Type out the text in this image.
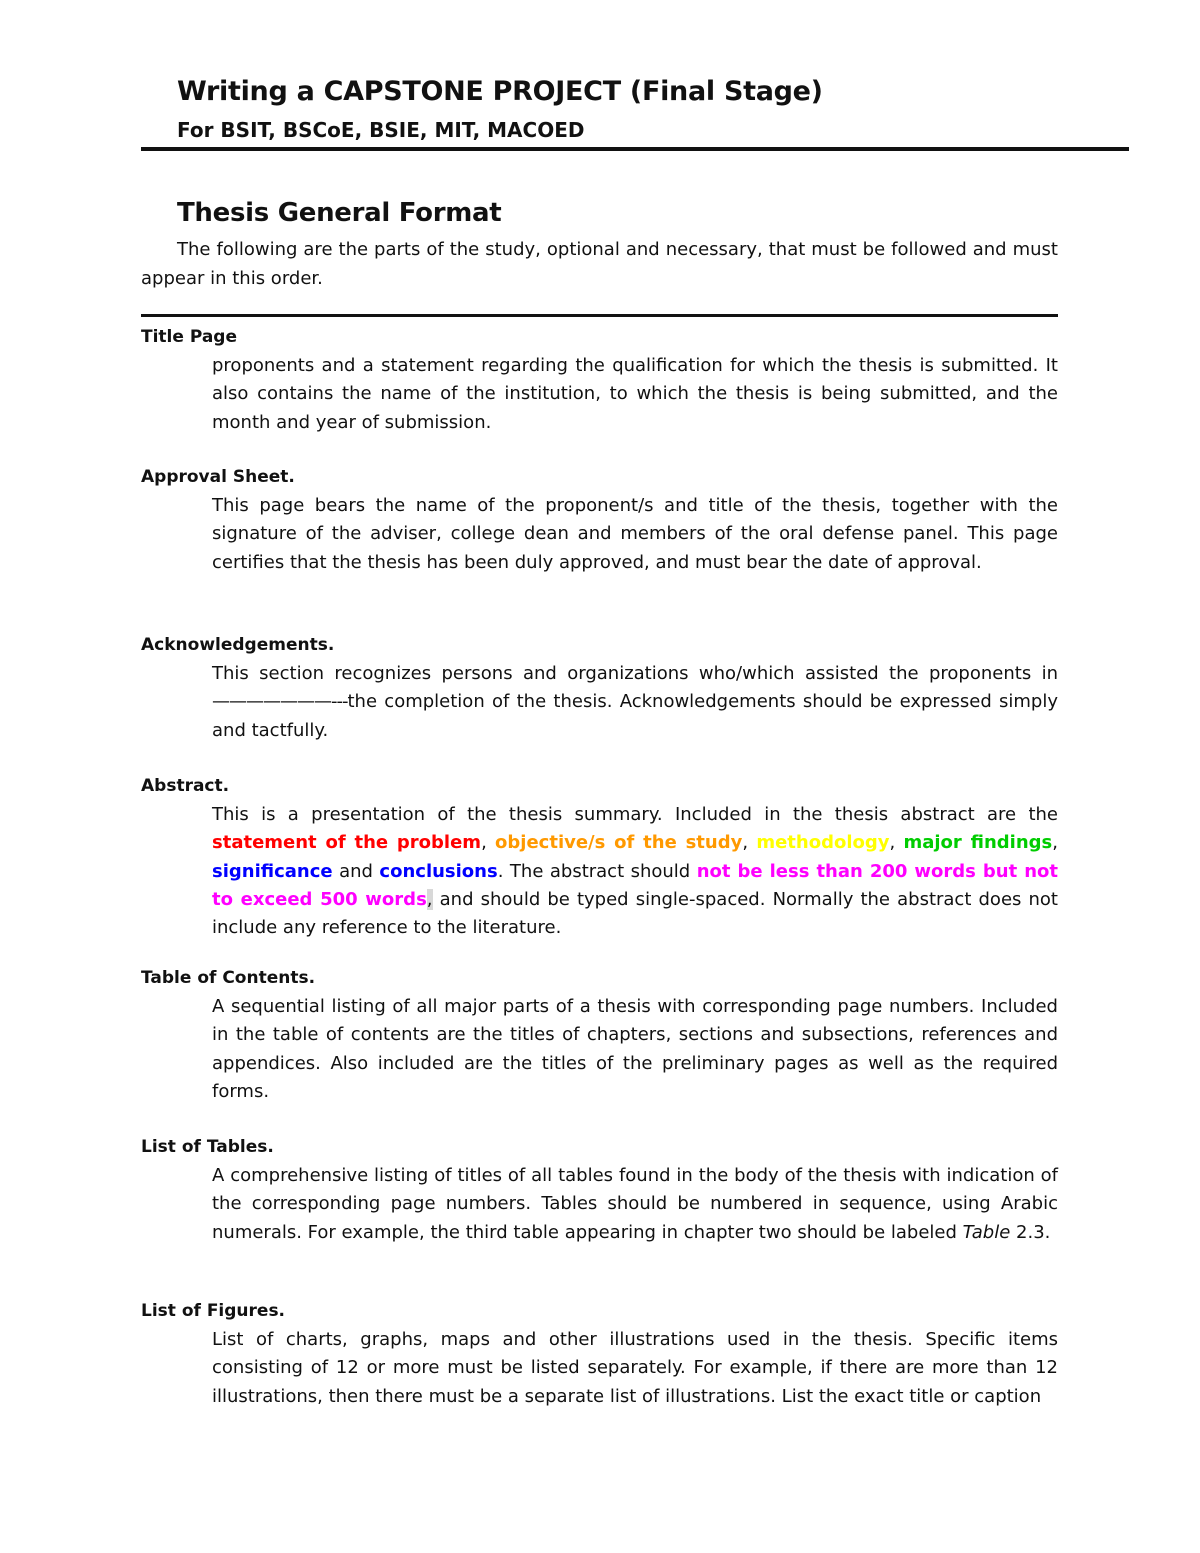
Writing a CAPSTONE PROJECT (Final Stage)
For BSIT, BSCoE, BSIE, MIT, MACOED
Thesis General Format

The following are the parts of the study, optional and necessary, that must be followed and must appear in this order.

Title Page

proponents and a statement regarding the qualification for which the thesis is submitted. It also contains the name of the institution, to which the thesis is being submitted, and the month and year of submission.

Approval Sheet.

This page bears the name of the proponent/s and title of the thesis, together with the signature of the adviser, college dean and members of the oral defense panel. This page certifies that the thesis has been duly approved, and must bear the date of approval.

Acknowledgements.

This section recognizes persons and organizations who/which assisted the proponents in ———————---the completion of the thesis. Acknowledgements should be expressed simply and tactfully.

Abstract.

This is a presentation of the thesis summary. Included in the thesis abstract are the statement of the problem, objective/s of the study, methodology, major findings, significance and conclusions. The abstract should not be less than 200 words but not to exceed 500 words, and should be typed single-spaced. Normally the abstract does not include any reference to the literature.

Table of Contents.

A sequential listing of all major parts of a thesis with corresponding page numbers. Included in the table of contents are the titles of chapters, sections and subsections, references and appendices. Also included are the titles of the preliminary pages as well as the required forms.

List of Tables.

A comprehensive listing of titles of all tables found in the body of the thesis with indication of the corresponding page numbers. Tables should be numbered in sequence, using Arabic numerals. For example, the third table appearing in chapter two should be labeled Table 2.3.

List of Figures.

List of charts, graphs, maps and other illustrations used in the thesis. Specific items consisting of 12 or more must be listed separately. For example, if there are more than 12 illustrations, then there must be a separate list of illustrations. List the exact title or caption
